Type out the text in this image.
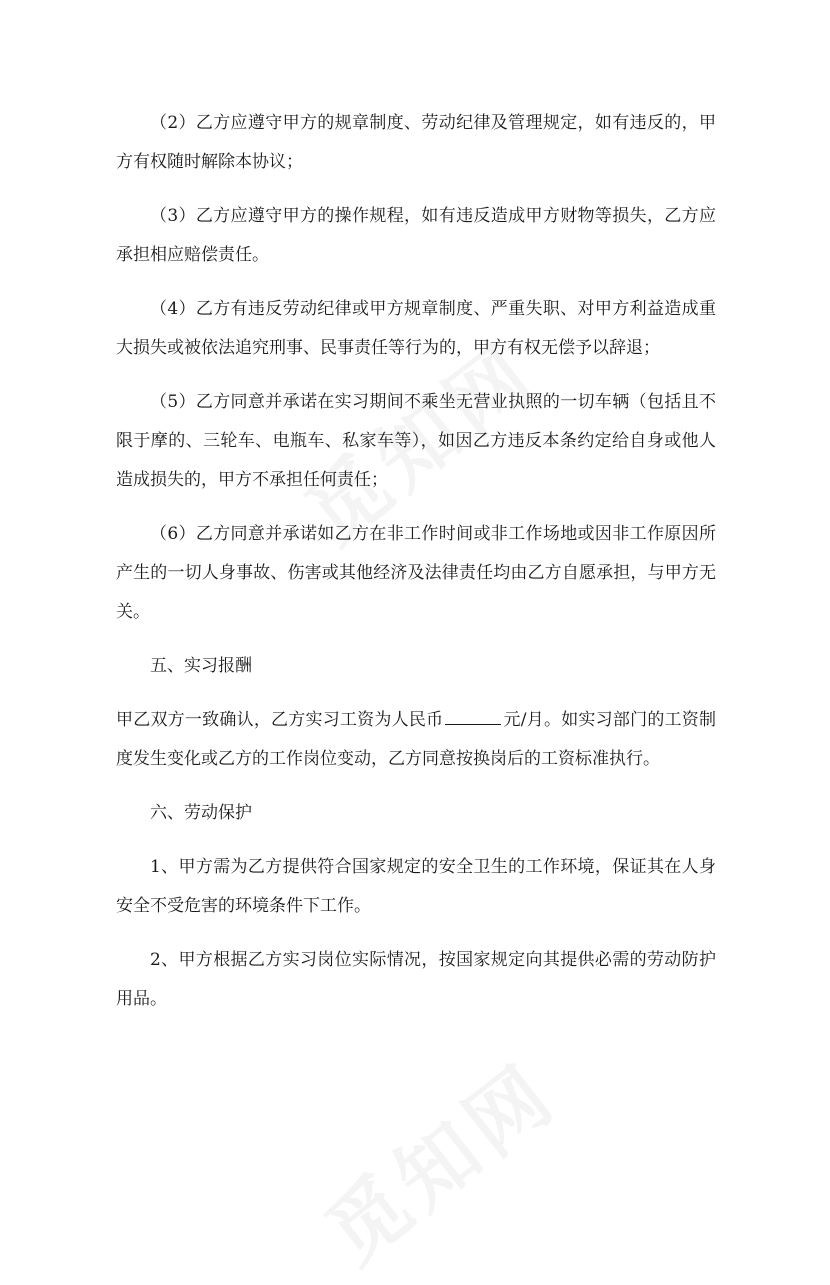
（2）乙方应遵守甲方的规章制度、劳动纪律及管理规定，如有违反的，甲方有权随时解除本协议；

（3）乙方应遵守甲方的操作规程，如有违反造成甲方财物等损失，乙方应承担相应赔偿责任。

（4）乙方有违反劳动纪律或甲方规章制度、严重失职、对甲方利益造成重大损失或被依法追究刑事、民事责任等行为的，甲方有权无偿予以辞退；

（5）乙方同意并承诺在实习期间不乘坐无营业执照的一切车辆（包括且不限于摩的、三轮车、电瓶车、私家车等），如因乙方违反本条约定给自身或他人造成损失的，甲方不承担任何责任；

（6）乙方同意并承诺如乙方在非工作时间或非工作场地或因非工作原因所产生的一切人身事故、伤害或其他经济及法律责任均由乙方自愿承担，与甲方无关。

五、实习报酬

甲乙双方一致确认，乙方实习工资为人民币	元/月。如实习部门的工资制度发生变化或乙方的工作岗位变动，乙方同意按换岗后的工资标准执行。

六、劳动保护

1、甲方需为乙方提供符合国家规定的安全卫生的工作环境，保证其在人身安全不受危害的环境条件下工作。

2、甲方根据乙方实习岗位实际情况，按国家规定向其提供必需的劳动防护用品。
